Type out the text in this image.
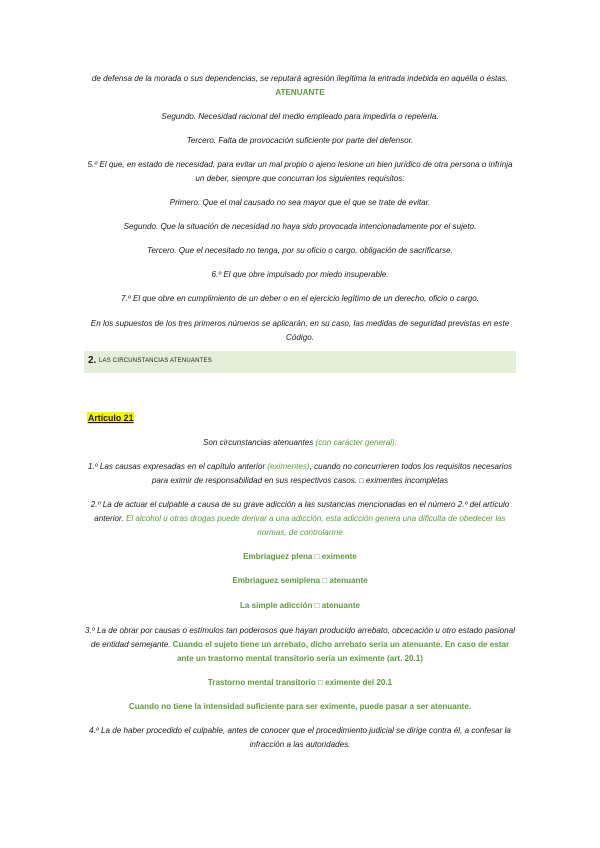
de defensa de la morada o sus dependencias, se reputará agresión ilegítima la entrada indebida en aquélla o éstas. ATENUANTE

Segundo. Necesidad racional del medio empleado para impedirla o repelerla.

Tercero. Falta de provocación suficiente por parte del defensor.

5.º El que, en estado de necesidad, para evitar un mal propio o ajeno lesione un bien jurídico de otra persona o infrinja un deber, siempre que concurran los siguientes requisitos:

Primero. Que el mal causado no sea mayor que el que se trate de evitar.

Segundo. Que la situación de necesidad no haya sido provocada intencionadamente por el sujeto.

Tercero. Que el necesitado no tenga, por su oficio o cargo, obligación de sacrificarse.

6.º El que obre impulsado por miedo insuperable.

7.º El que obre en cumplimiento de un deber o en el ejercicio legítimo de un derecho, oficio o cargo.

En los supuestos de los tres primeros números se aplicarán, en su caso, las medidas de seguridad previstas en este Código.

2. LAS CIRCUNSTANCIAS ATENUANTES
Artículo 21

Son circunstancias atenuantes (con carácter general):

1.º Las causas expresadas en el capítulo anterior (eximentes), cuando no concurrieren todos los requisitos necesarios para eximir de responsabilidad en sus respectivos casos. □ eximentes incompletas

2.º La de actuar el culpable a causa de su grave adicción a las sustancias mencionadas en el número 2.º del artículo anterior. El alcohol u otras drogas puede derivar a una adicción, esta adicción genera una dificulta de obedecer las normas, de controlarme

Embriaguez plena □ eximente

Embriaguez semiplena □ atenuante

La simple adicción □ atenuante

3.º La de obrar por causas o estímulos tan poderosos que hayan producido arrebato, obcecación u otro estado pasional de entidad semejante. Cuando el sujeto tiene un arrebato, dicho arrebato sería un atenuante. En caso de estar ante un trastorno mental transitorio sería un eximente (art. 20.1)

Trastorno mental transitorio □ eximente del 20.1

Cuando no tiene la intensidad suficiente para ser eximente, puede pasar a ser atenuante.

4.º La de haber procedido el culpable, antes de conocer que el procedimiento judicial se dirige contra él, a confesar la infracción a las autoridades.
